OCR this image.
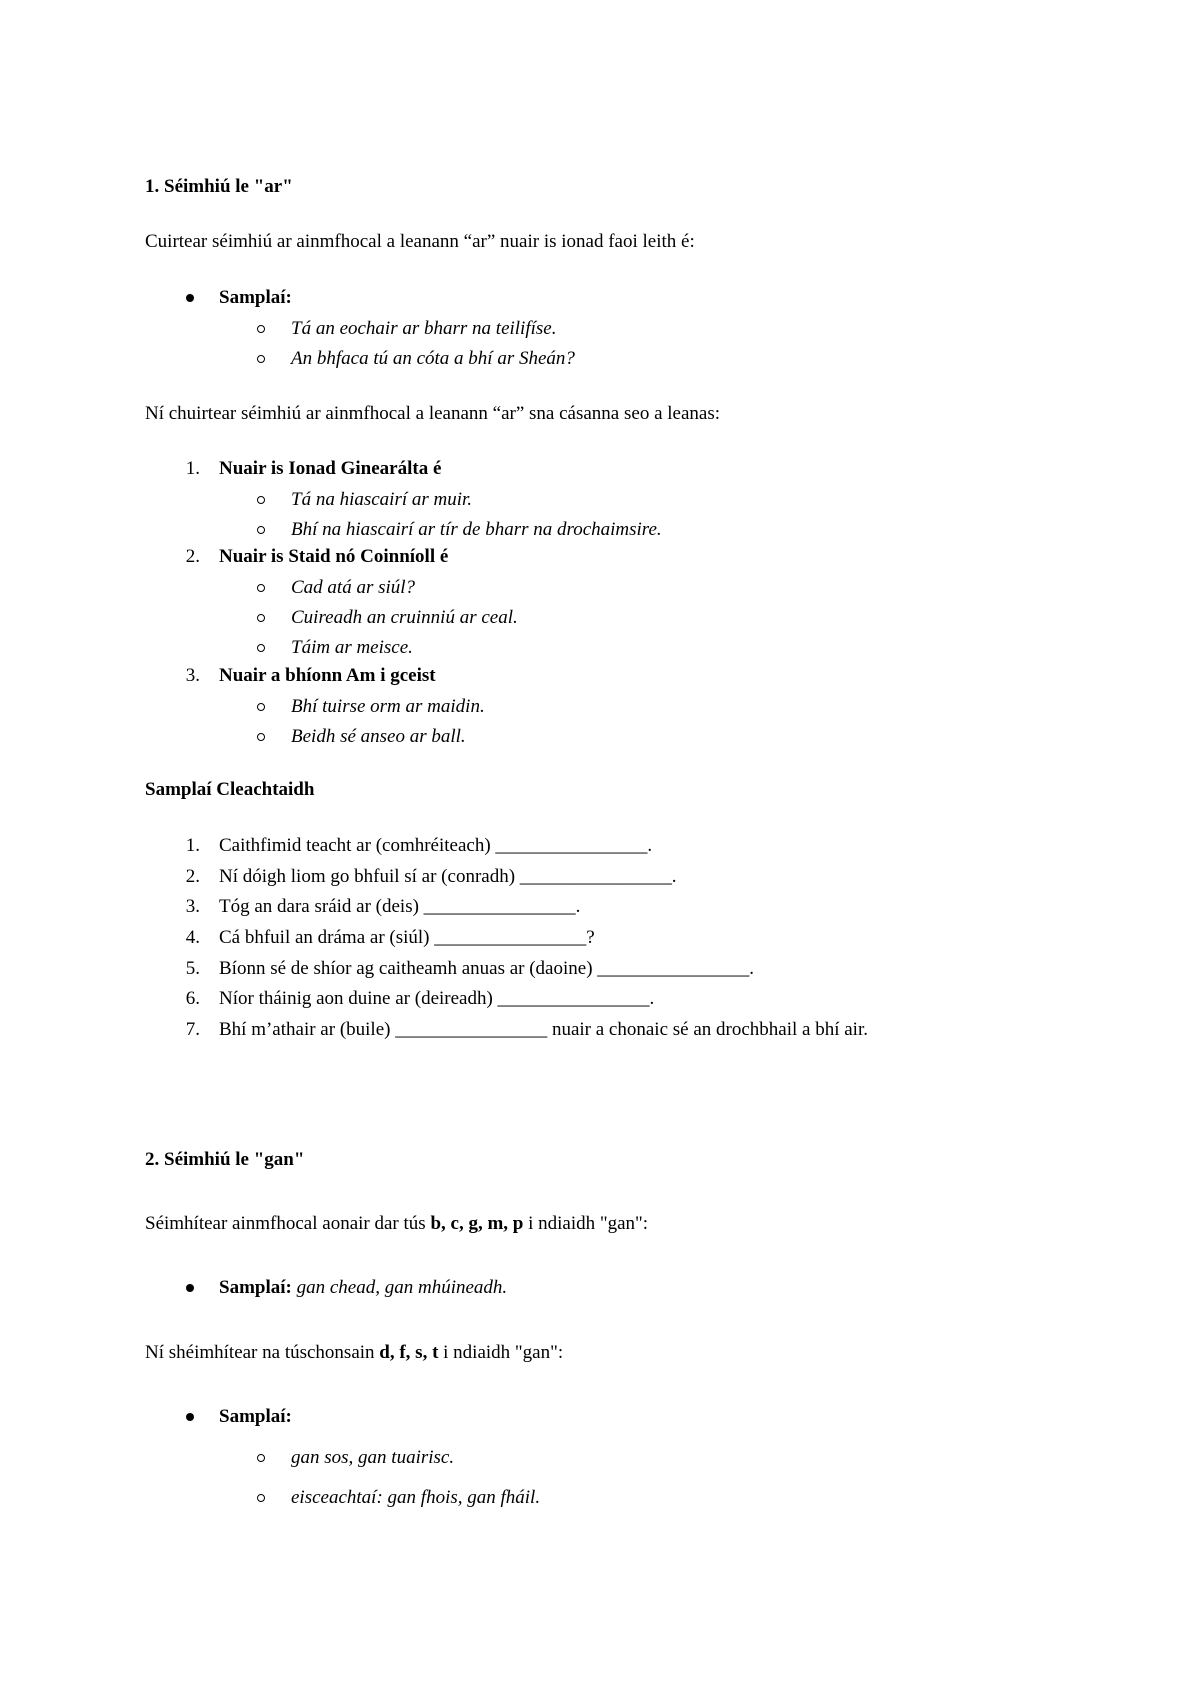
1. Séimhiú le "ar"
Cuirtear séimhiú ar ainmfhocal a leanann “ar” nuair is ionad faoi leith é:
Samplaí:
Tá an eochair ar bharr na teilifíse.
An bhfaca tú an cóta a bhí ar Sheán?
Ní chuirtear séimhiú ar ainmfhocal a leanann “ar” sna cásanna seo a leanas:
1. Nuair is Ionad Ginearálta é
Tá na hiascairí ar muir.
Bhí na hiascairí ar tír de bharr na drochaimsire.
2. Nuair is Staid nó Coinníoll é
Cad atá ar siúl?
Cuireadh an cruinniú ar ceal.
Táim ar meisce.
3. Nuair a bhíonn Am i gceist
Bhí tuirse orm ar maidin.
Beidh sé anseo ar ball.
Samplaí Cleachtaidh
1. Caithfimid teacht ar (comhréiteach) ________________.
2. Ní dóigh liom go bhfuil sí ar (conradh) ________________.
3. Tóg an dara sráid ar (deis) ________________.
4. Cá bhfuil an dráma ar (siúl) ________________?
5. Bíonn sé de shíor ag caitheamh anuas ar (daoine) ________________.
6. Níor tháinig aon duine ar (deireadh) ________________.
7. Bhí m’athair ar (buile) ________________ nuair a chonaic sé an drochbhail a bhí air.
2. Séimhiú le "gan"
Séimhítear ainmfhocal aonair dar tús b, c, g, m, p i ndiaidh "gan":
Samplaí: gan chead, gan mhúineadh.
Ní shéimhítear na túschonsain d, f, s, t i ndiaidh "gan":
Samplaí:
gan sos, gan tuairisc.
eisceachtaí: gan fhois, gan fháil.
